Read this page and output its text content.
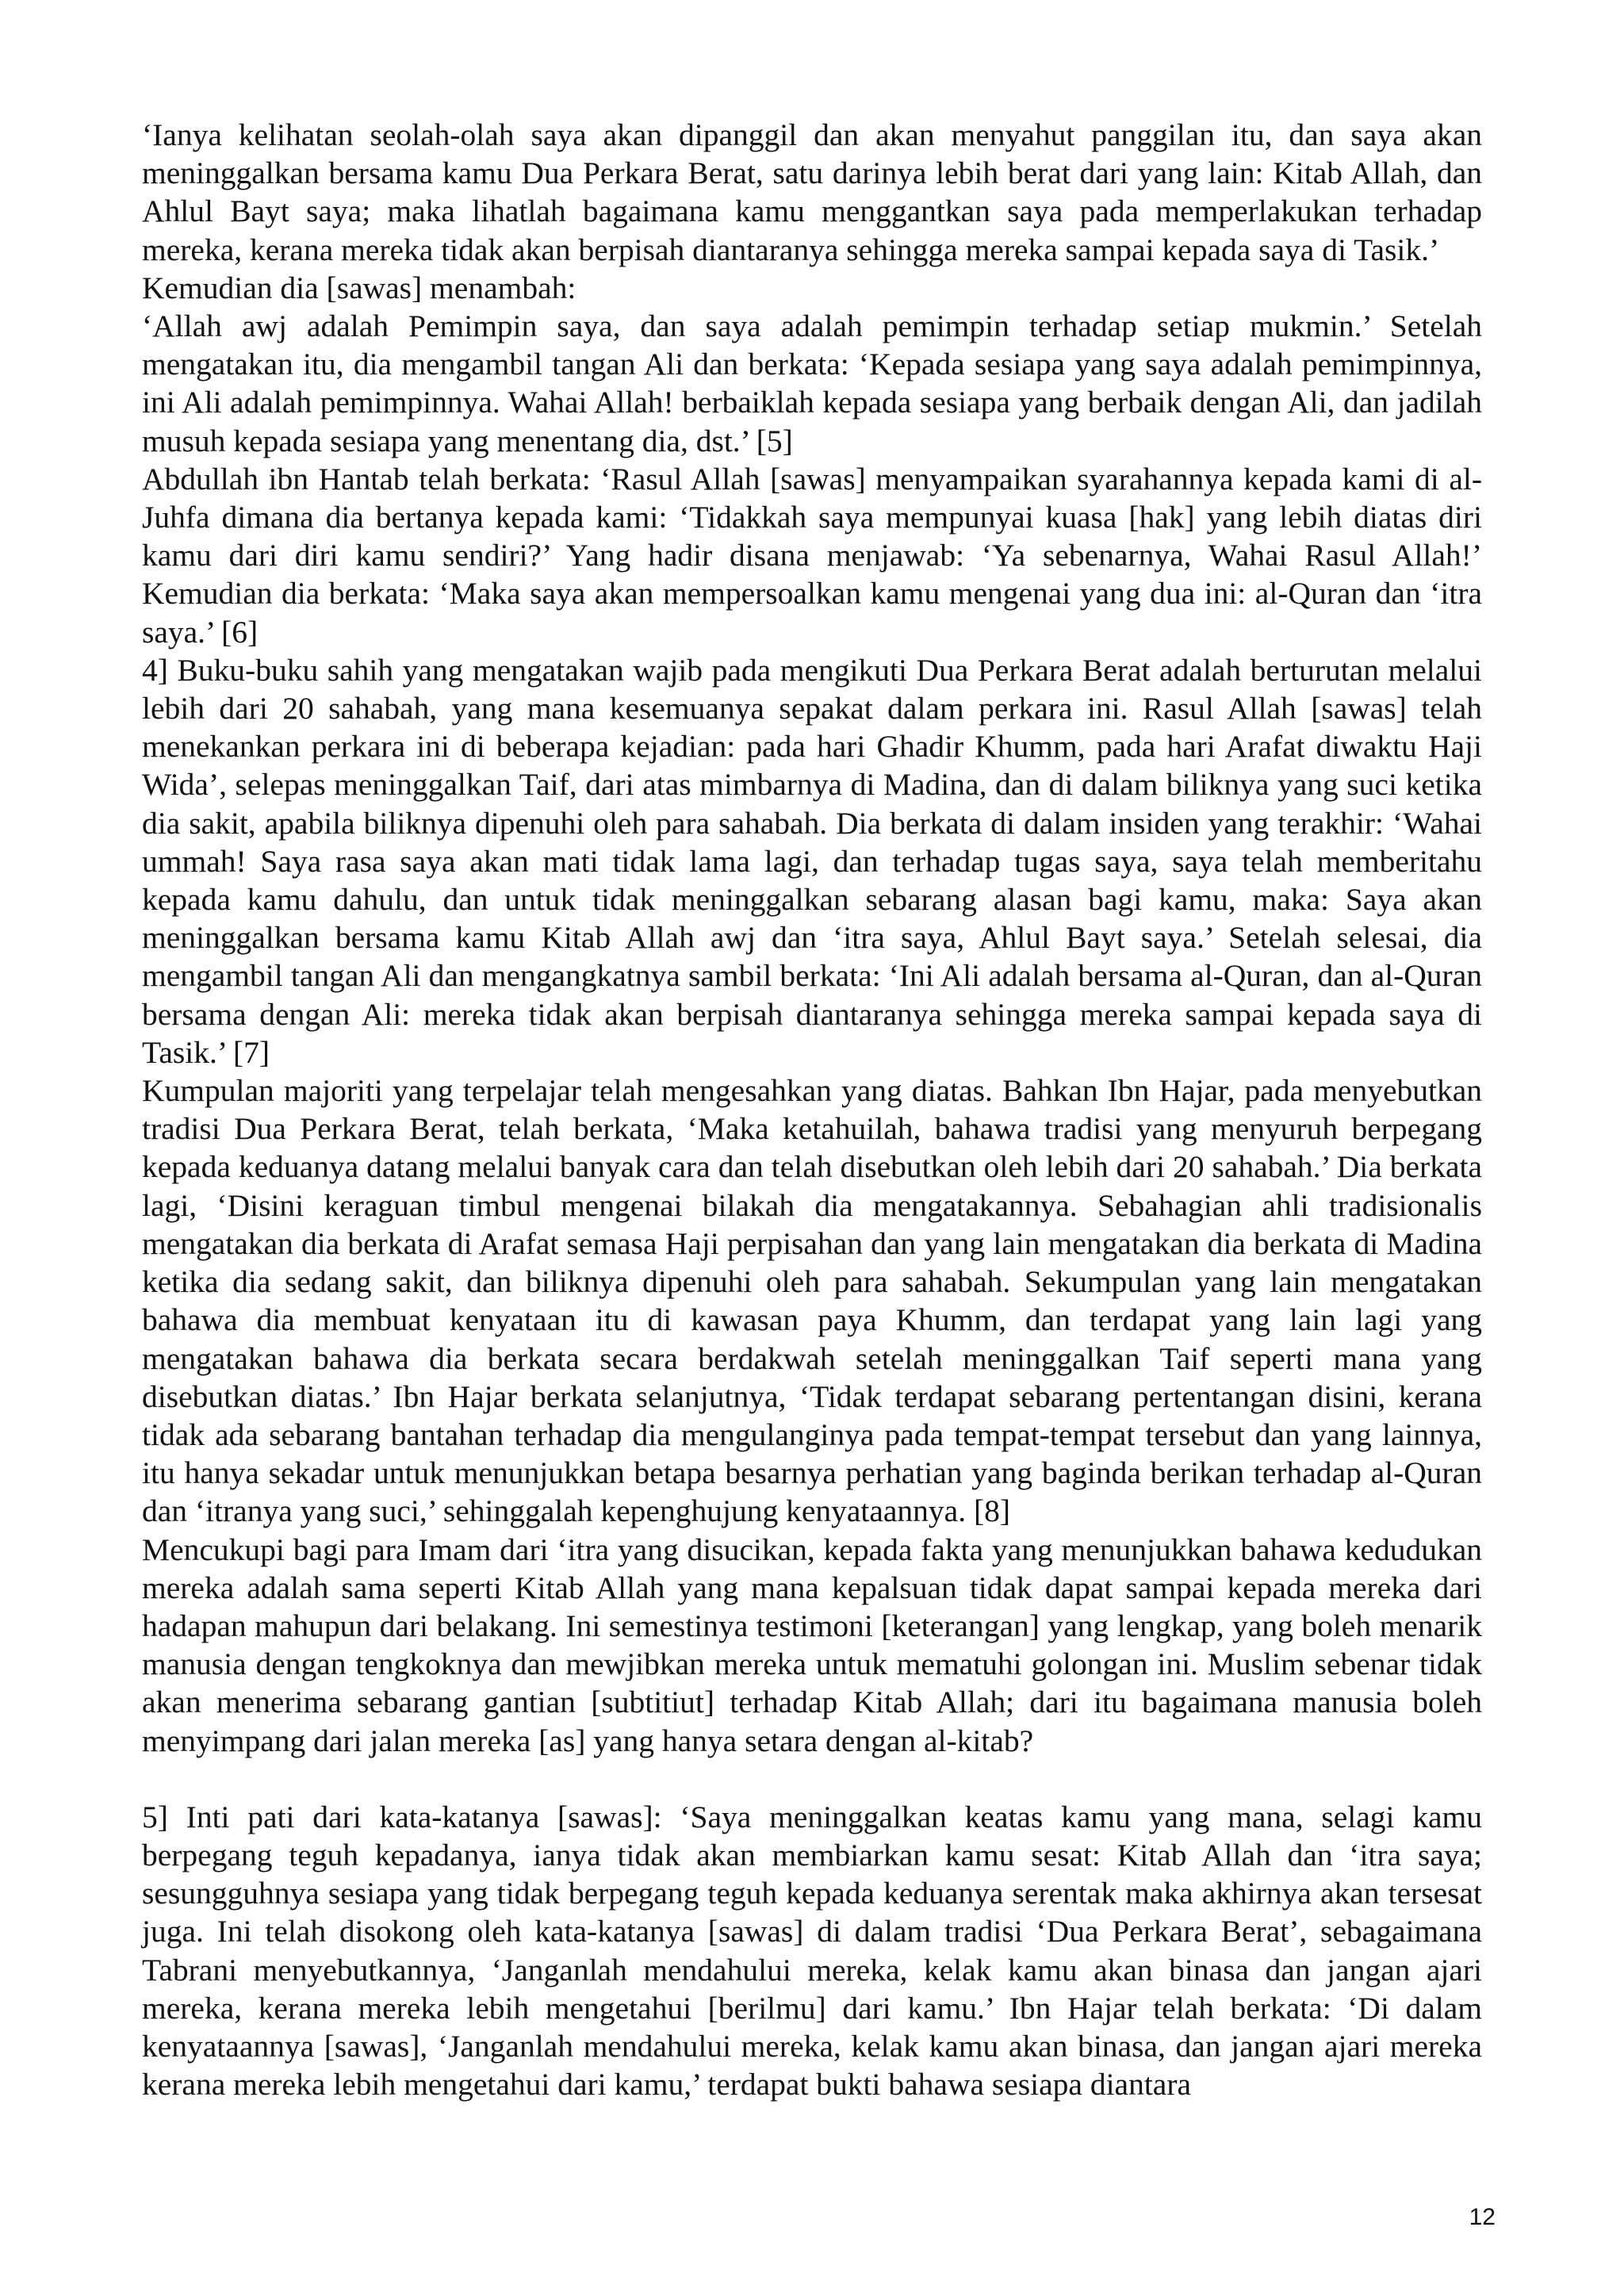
‘Ianya kelihatan seolah-olah saya akan dipanggil dan akan menyahut panggilan itu, dan saya akan meninggalkan bersama kamu Dua Perkara Berat, satu darinya lebih berat dari yang lain: Kitab Allah, dan Ahlul Bayt saya; maka lihatlah bagaimana kamu menggantkan saya pada memperlakukan terhadap mereka, kerana mereka tidak akan berpisah diantaranya sehingga mereka sampai kepada saya di Tasik.’

Kemudian dia [sawas] menambah:

‘Allah awj adalah Pemimpin saya, dan saya adalah pemimpin terhadap setiap mukmin.’ Setelah mengatakan itu, dia mengambil tangan Ali dan berkata: ‘Kepada sesiapa yang saya adalah pemimpinnya, ini Ali adalah pemimpinnya. Wahai Allah! berbaiklah kepada sesiapa yang berbaik dengan Ali, dan jadilah musuh kepada sesiapa yang menentang dia, dst.’ [5]

Abdullah ibn Hantab telah berkata: ‘Rasul Allah [sawas] menyampaikan syarahannya kepada kami di al-Juhfa dimana dia bertanya kepada kami: ‘Tidakkah saya mempunyai kuasa [hak] yang lebih diatas diri kamu dari diri kamu sendiri?’ Yang hadir disana menjawab: ‘Ya sebenarnya, Wahai Rasul Allah!’ Kemudian dia berkata: ‘Maka saya akan mempersoalkan kamu mengenai yang dua ini: al-Quran dan ‘itra saya.’ [6]

4] Buku-buku sahih yang mengatakan wajib pada mengikuti Dua Perkara Berat adalah berturutan melalui lebih dari 20 sahabah, yang mana kesemuanya sepakat dalam perkara ini. Rasul Allah [sawas] telah menekankan perkara ini di beberapa kejadian: pada hari Ghadir Khumm, pada hari Arafat diwaktu Haji Wida’, selepas meninggalkan Taif, dari atas mimbarnya di Madina, dan di dalam biliknya yang suci ketika dia sakit, apabila biliknya dipenuhi oleh para sahabah. Dia berkata di dalam insiden yang terakhir: ‘Wahai ummah! Saya rasa saya akan mati tidak lama lagi, dan terhadap tugas saya, saya telah memberitahu kepada kamu dahulu, dan untuk tidak meninggalkan sebarang alasan bagi kamu, maka: Saya akan meninggalkan bersama kamu Kitab Allah awj dan ‘itra saya, Ahlul Bayt saya.’ Setelah selesai, dia mengambil tangan Ali dan mengangkatnya sambil berkata: ‘Ini Ali adalah bersama al-Quran, dan al-Quran bersama dengan Ali: mereka tidak akan berpisah diantaranya sehingga mereka sampai kepada saya di Tasik.’ [7]

Kumpulan majoriti yang terpelajar telah mengesahkan yang diatas. Bahkan Ibn Hajar, pada menyebutkan tradisi Dua Perkara Berat, telah berkata, ‘Maka ketahuilah, bahawa tradisi yang menyuruh berpegang kepada keduanya datang melalui banyak cara dan telah disebutkan oleh lebih dari 20 sahabah.’ Dia berkata lagi, ‘Disini keraguan timbul mengenai bilakah dia mengatakannya. Sebahagian ahli tradisionalis mengatakan dia berkata di Arafat semasa Haji perpisahan dan yang lain mengatakan dia berkata di Madina ketika dia sedang sakit, dan biliknya dipenuhi oleh para sahabah. Sekumpulan yang lain mengatakan bahawa dia membuat kenyataan itu di kawasan paya Khumm, dan terdapat yang lain lagi yang mengatakan bahawa dia berkata secara berdakwah setelah meninggalkan Taif seperti mana yang disebutkan diatas.’ Ibn Hajar berkata selanjutnya, ‘Tidak terdapat sebarang pertentangan disini, kerana tidak ada sebarang bantahan terhadap dia mengulanginya pada tempat-tempat tersebut dan yang lainnya, itu hanya sekadar untuk menunjukkan betapa besarnya perhatian yang baginda berikan terhadap al-Quran dan ‘itranya yang suci,’ sehinggalah kepenghujung kenyataannya. [8]

Mencukupi bagi para Imam dari ‘itra yang disucikan, kepada fakta yang menunjukkan bahawa kedudukan mereka adalah sama seperti Kitab Allah yang mana kepalsuan tidak dapat sampai kepada mereka dari hadapan mahupun dari belakang. Ini semestinya testimoni [keterangan] yang lengkap, yang boleh menarik manusia dengan tengkoknya dan mewjibkan mereka untuk mematuhi golongan ini. Muslim sebenar tidak akan menerima sebarang gantian [subtitiut] terhadap Kitab Allah; dari itu bagaimana manusia boleh menyimpang dari jalan mereka [as] yang hanya setara dengan al-kitab?

5] Inti pati dari kata-katanya [sawas]: ‘Saya meninggalkan keatas kamu yang mana, selagi kamu berpegang teguh kepadanya, ianya tidak akan membiarkan kamu sesat: Kitab Allah dan ‘itra saya; sesungguhnya sesiapa yang tidak berpegang teguh kepada keduanya serentak maka akhirnya akan tersesat juga. Ini telah disokong oleh kata-katanya [sawas] di dalam tradisi ‘Dua Perkara Berat’, sebagaimana Tabrani menyebutkannya, ‘Janganlah mendahului mereka, kelak kamu akan binasa dan jangan ajari mereka, kerana mereka lebih mengetahui [berilmu] dari kamu.’ Ibn Hajar telah berkata: ‘Di dalam kenyataannya [sawas], ‘Janganlah mendahului mereka, kelak kamu akan binasa, dan jangan ajari mereka kerana mereka lebih mengetahui dari kamu,’ terdapat bukti bahawa sesiapa diantara

12
